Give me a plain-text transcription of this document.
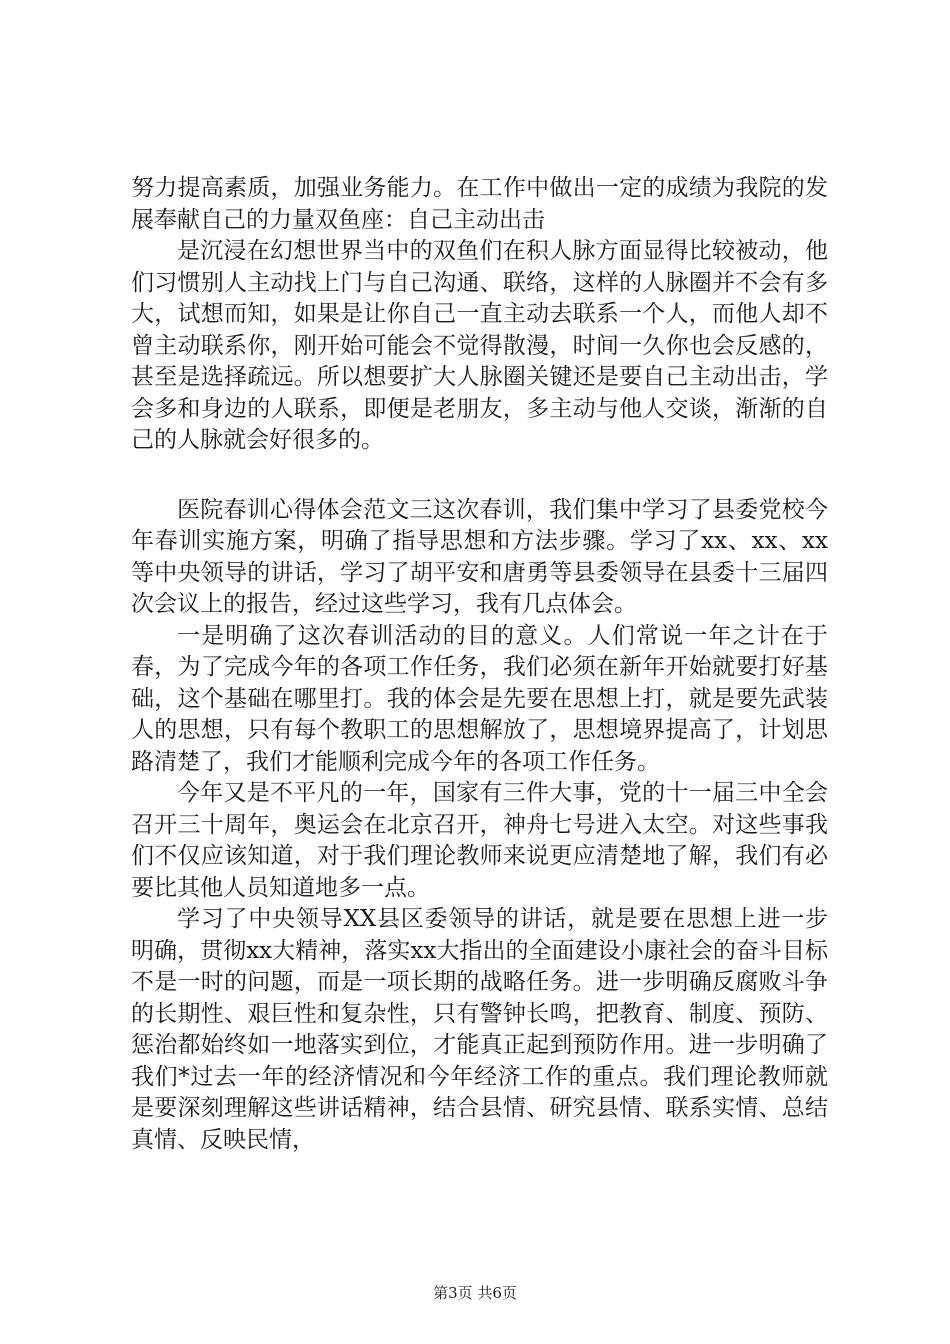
努力提高素质，加强业务能力。在工作中做出一定的成绩为我院的发展奉献自己的力量双鱼座：自己主动出击

是沉浸在幻想世界当中的双鱼们在积人脉方面显得比较被动，他们习惯别人主动找上门与自己沟通、联络，这样的人脉圈并不会有多大，试想而知，如果是让你自己一直主动去联系一个人，而他人却不曾主动联系你，刚开始可能会不觉得散漫，时间一久你也会反感的，甚至是选择疏远。所以想要扩大人脉圈关键还是要自己主动出击，学会多和身边的人联系，即便是老朋友，多主动与他人交谈，渐渐的自己的人脉就会好很多的。

医院春训心得体会范文三这次春训，我们集中学习了县委党校今年春训实施方案，明确了指导思想和方法步骤。学习了xx、xx、xx等中央领导的讲话，学习了胡平安和唐勇等县委领导在县委十三届四次会议上的报告，经过这些学习，我有几点体会。

一是明确了这次春训活动的目的意义。人们常说一年之计在于春，为了完成今年的各项工作任务，我们必须在新年开始就要打好基础，这个基础在哪里打。我的体会是先要在思想上打，就是要先武装人的思想，只有每个教职工的思想解放了，思想境界提高了，计划思路清楚了，我们才能顺利完成今年的各项工作任务。

今年又是不平凡的一年，国家有三件大事，党的十一届三中全会召开三十周年，奥运会在北京召开，神舟七号进入太空。对这些事我们不仅应该知道，对于我们理论教师来说更应清楚地了解，我们有必要比其他人员知道地多一点。

学习了中央领导XX县区委领导的讲话，就是要在思想上进一步明确，贯彻xx大精神，落实xx大指出的全面建设小康社会的奋斗目标不是一时的问题，而是一项长期的战略任务。进一步明确反腐败斗争的长期性、艰巨性和复杂性，只有警钟长鸣，把教育、制度、预防、惩治都始终如一地落实到位，才能真正起到预防作用。进一步明确了我们*过去一年的经济情况和今年经济工作的重点。我们理论教师就是要深刻理解这些讲话精神，结合县情、研究县情、联系实情、总结真情、反映民情，

第3页 共6页
